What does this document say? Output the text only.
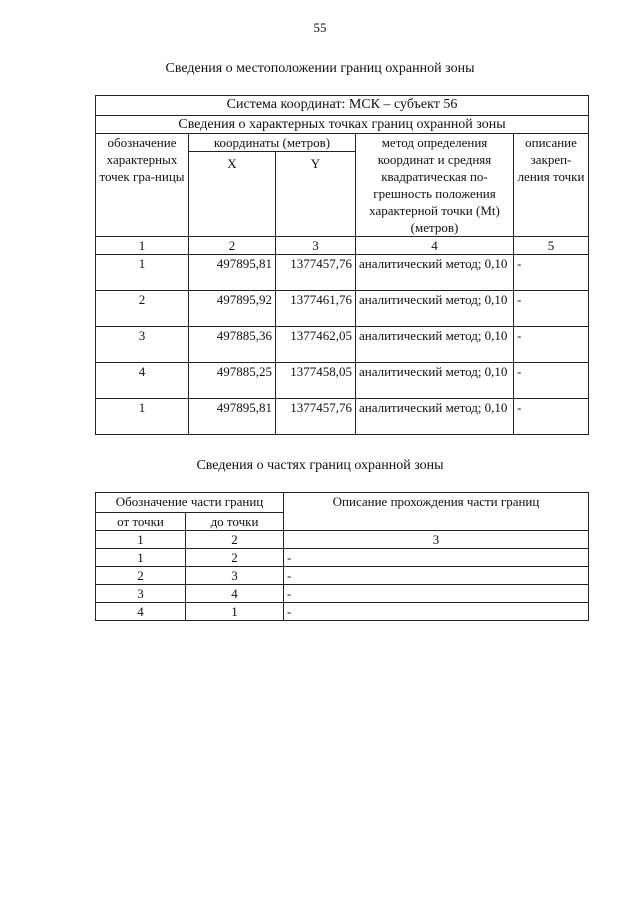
55
Сведения о местоположении границ охранной зоны
Система координат: МСК – субъект 56				
Сведения о характерных точках границ охранной зоны				
обозначение характерных точек гра-ницы	координаты (метров)		метод определения координат и средняя квадратическая по-грешность положения характерной точки (Mt) (метров)	описание закреп-ления точки
	X	Y		
1	2	3	4	5
1	497895,81	1377457,76	аналитический метод; 0,10	-
2	497895,92	1377461,76	аналитический метод; 0,10	-
3	497885,36	1377462,05	аналитический метод; 0,10	-
4	497885,25	1377458,05	аналитический метод; 0,10	-
1	497895,81	1377457,76	аналитический метод; 0,10	-
Сведения о частях границ охранной зоны
Обозначение части границ		Описание прохождения части границ
от точки	до точки	
1	2	3
1	2	-
2	3	-
3	4	-
4	1	-
